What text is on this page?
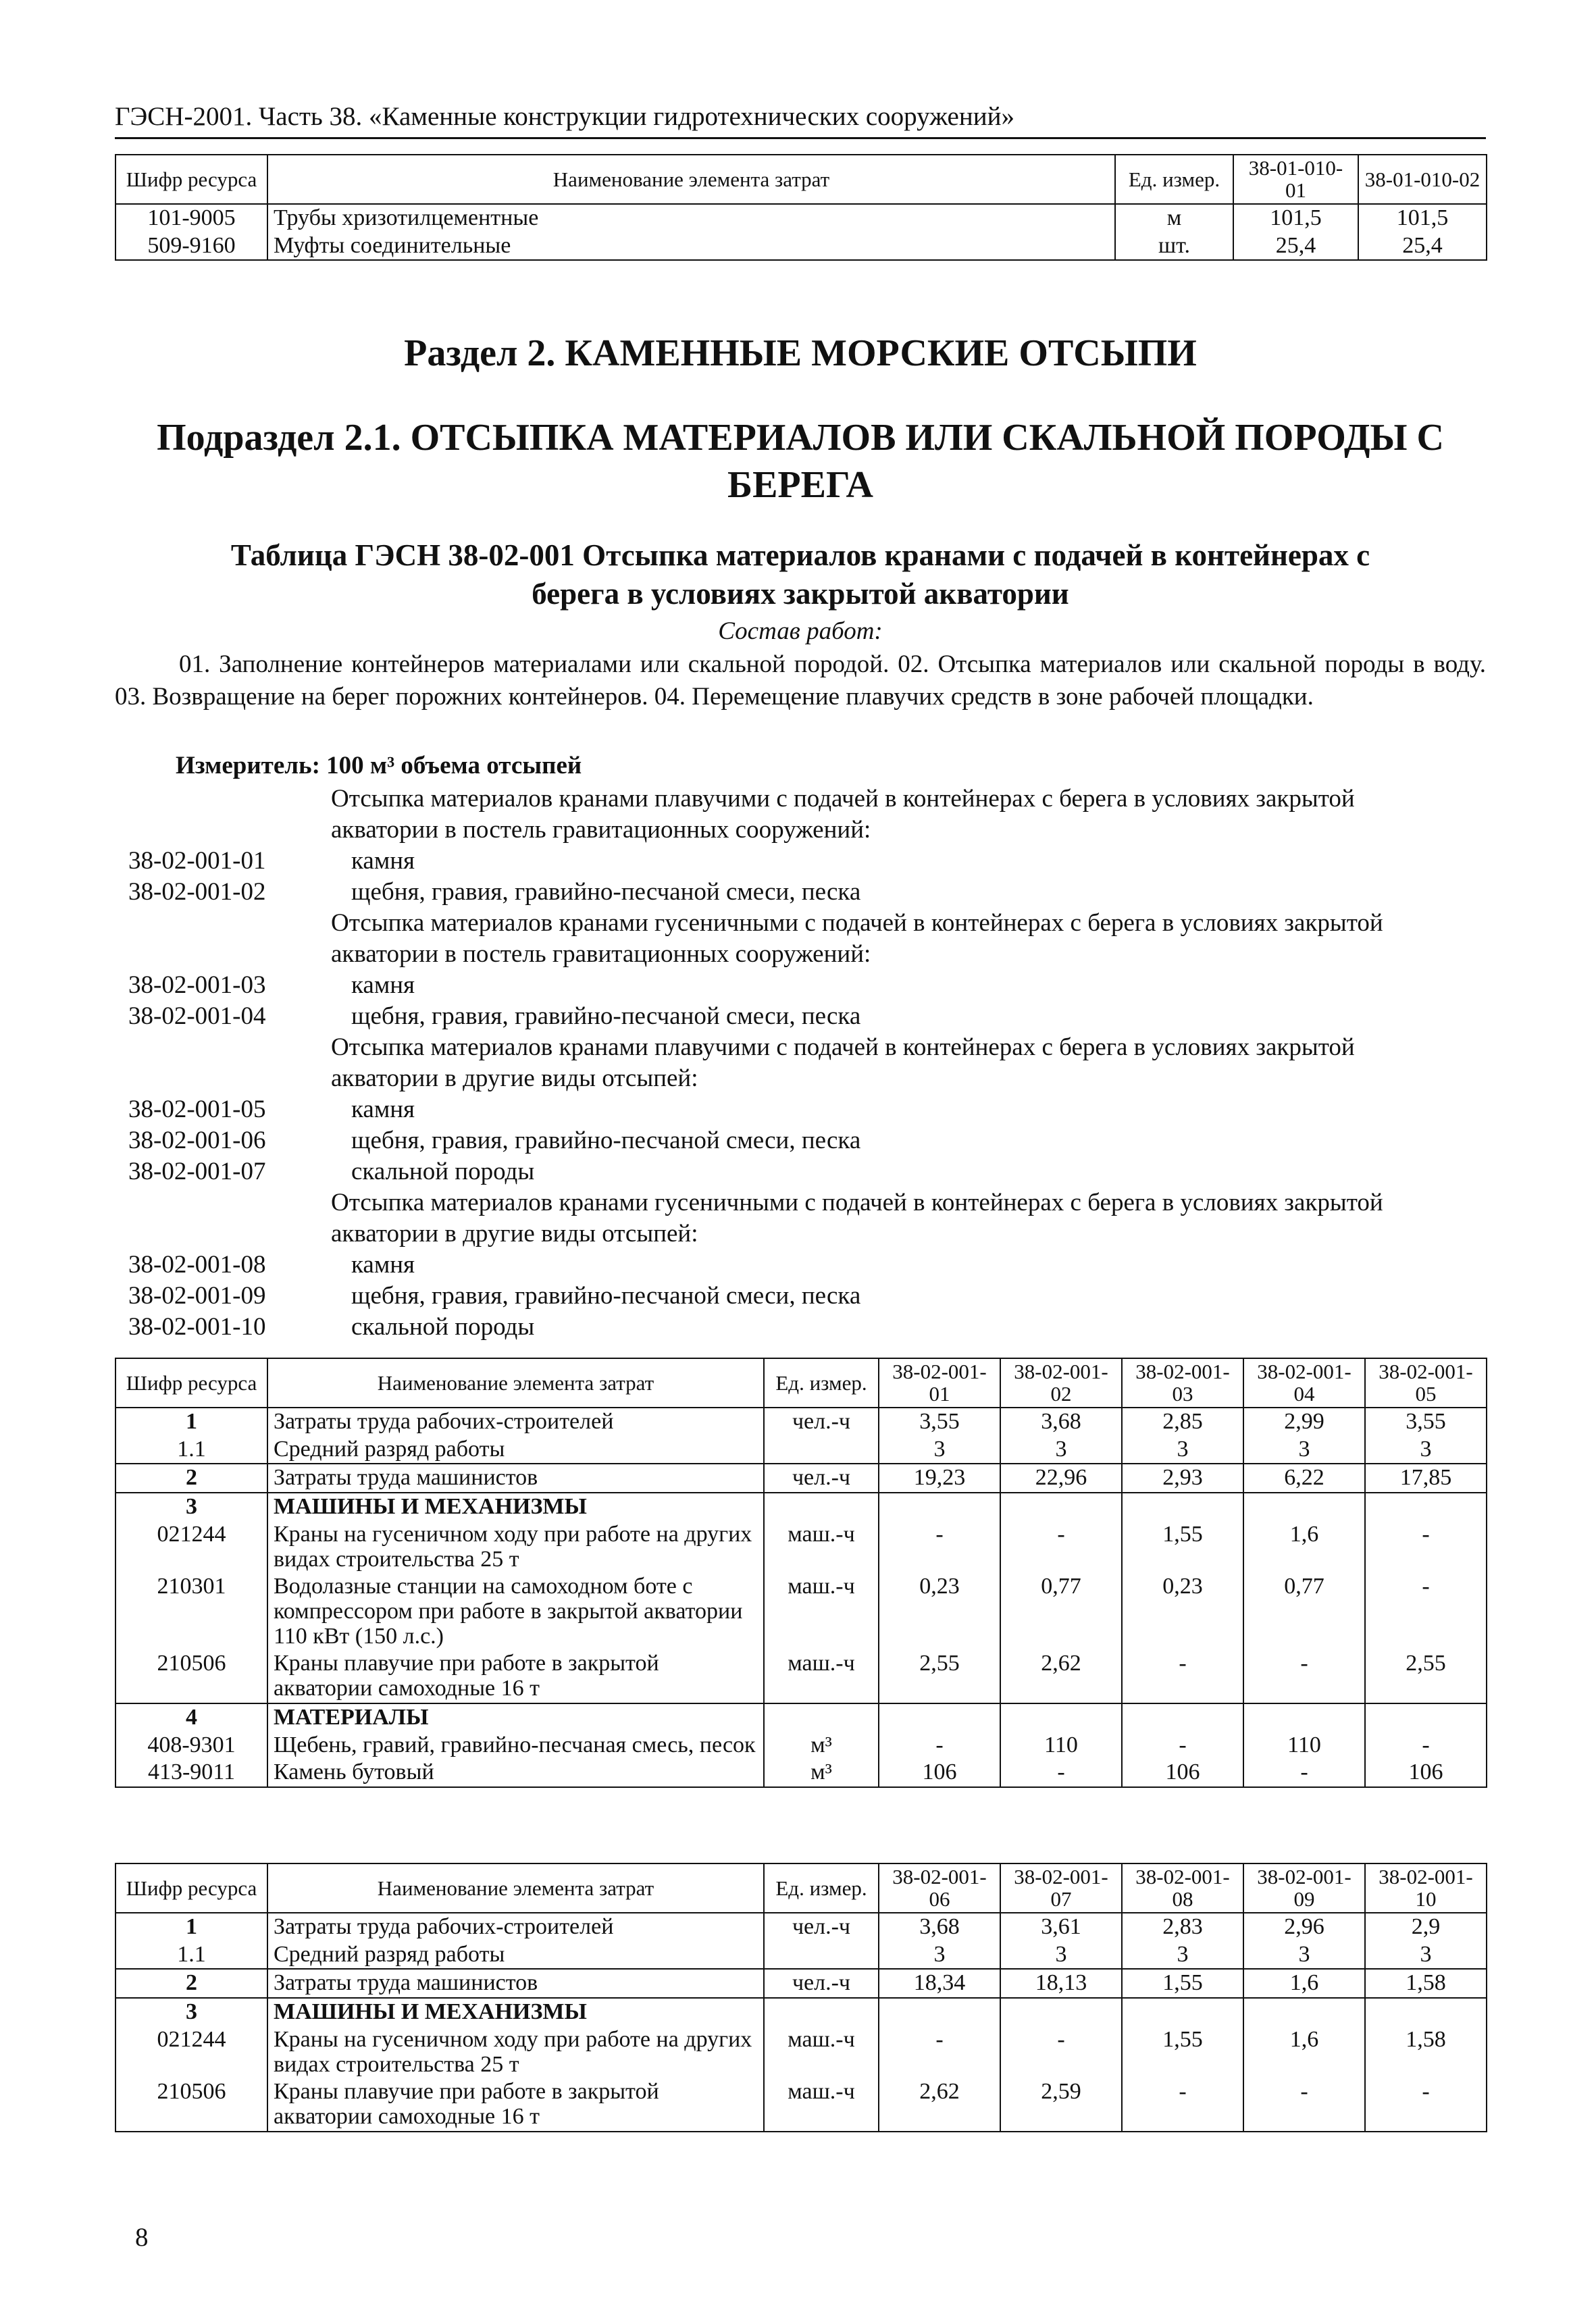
ГЭСН-2001. Часть 38. «Каменные конструкции гидротехнических сооружений»
Шифр ресурса	Наименование элемента затрат	Ед. измер.	38-01-010-01	38-01-010-02
101-9005	Трубы хризотилцементные	м	101,5	101,5
509-9160	Муфты соединительные	шт.	25,4	25,4
Раздел 2. КАМЕННЫЕ МОРСКИЕ ОТСЫПИ
Подраздел 2.1. ОТСЫПКА МАТЕРИАЛОВ ИЛИ СКАЛЬНОЙ ПОРОДЫ С
БЕРЕГА
Таблица ГЭСН 38-02-001 Отсыпка материалов кранами с подачей в контейнерах с
берега в условиях закрытой акватории
Состав работ:
01. Заполнение контейнеров материалами или скальной породой. 02. Отсыпка материалов или скальной породы в воду. 03. Возвращение на берег порожних контейнеров. 04. Перемещение плавучих средств в зоне рабочей площадки.
Измеритель: 100 м³ объема отсыпей
Отсыпка материалов кранами плавучими с подачей в контейнерах с берега в условиях закрытой акватории в постель гравитационных сооружений:
38-02-001-01	камня
38-02-001-02	щебня, гравия, гравийно-песчаной смеси, песка
Отсыпка материалов кранами гусеничными с подачей в контейнерах с берега в условиях закрытой акватории в постель гравитационных сооружений:
38-02-001-03	камня
38-02-001-04	щебня, гравия, гравийно-песчаной смеси, песка
Отсыпка материалов кранами плавучими с подачей в контейнерах с берега в условиях закрытой акватории в другие виды отсыпей:
38-02-001-05	камня
38-02-001-06	щебня, гравия, гравийно-песчаной смеси, песка
38-02-001-07	скальной породы
Отсыпка материалов кранами гусеничными с подачей в контейнерах с берега в условиях закрытой акватории в другие виды отсыпей:
38-02-001-08	камня
38-02-001-09	щебня, гравия, гравийно-песчаной смеси, песка
38-02-001-10	скальной породы
Шифр ресурса	Наименование элемента затрат	Ед. измер.	38-02-001-01	38-02-001-02	38-02-001-03	38-02-001-04	38-02-001-05
1	Затраты труда рабочих-строителей	чел.-ч	3,55	3,68	2,85	2,99	3,55
1.1	Средний разряд работы		3	3	3	3	3
2	Затраты труда машинистов	чел.-ч	19,23	22,96	2,93	6,22	17,85
3	МАШИНЫ И МЕХАНИЗМЫ						
021244	Краны на гусеничном ходу при работе на других видах строительства 25 т	маш.-ч	-	-	1,55	1,6	-
210301	Водолазные станции на самоходном боте с компрессором при работе в закрытой акватории 110 кВт (150 л.с.)	маш.-ч	0,23	0,77	0,23	0,77	-
210506	Краны плавучие при работе в закрытой акватории самоходные 16 т	маш.-ч	2,55	2,62	-	-	2,55
4	МАТЕРИАЛЫ						
408-9301	Щебень, гравий, гравийно-песчаная смесь, песок	м³	-	110	-	110	-
413-9011	Камень бутовый	м³	106	-	106	-	106
Шифр ресурса	Наименование элемента затрат	Ед. измер.	38-02-001-06	38-02-001-07	38-02-001-08	38-02-001-09	38-02-001-10
1	Затраты труда рабочих-строителей	чел.-ч	3,68	3,61	2,83	2,96	2,9
1.1	Средний разряд работы		3	3	3	3	3
2	Затраты труда машинистов	чел.-ч	18,34	18,13	1,55	1,6	1,58
3	МАШИНЫ И МЕХАНИЗМЫ						
021244	Краны на гусеничном ходу при работе на других видах строительства 25 т	маш.-ч	-	-	1,55	1,6	1,58
210506	Краны плавучие при работе в закрытой акватории самоходные 16 т	маш.-ч	2,62	2,59	-	-	-
8
